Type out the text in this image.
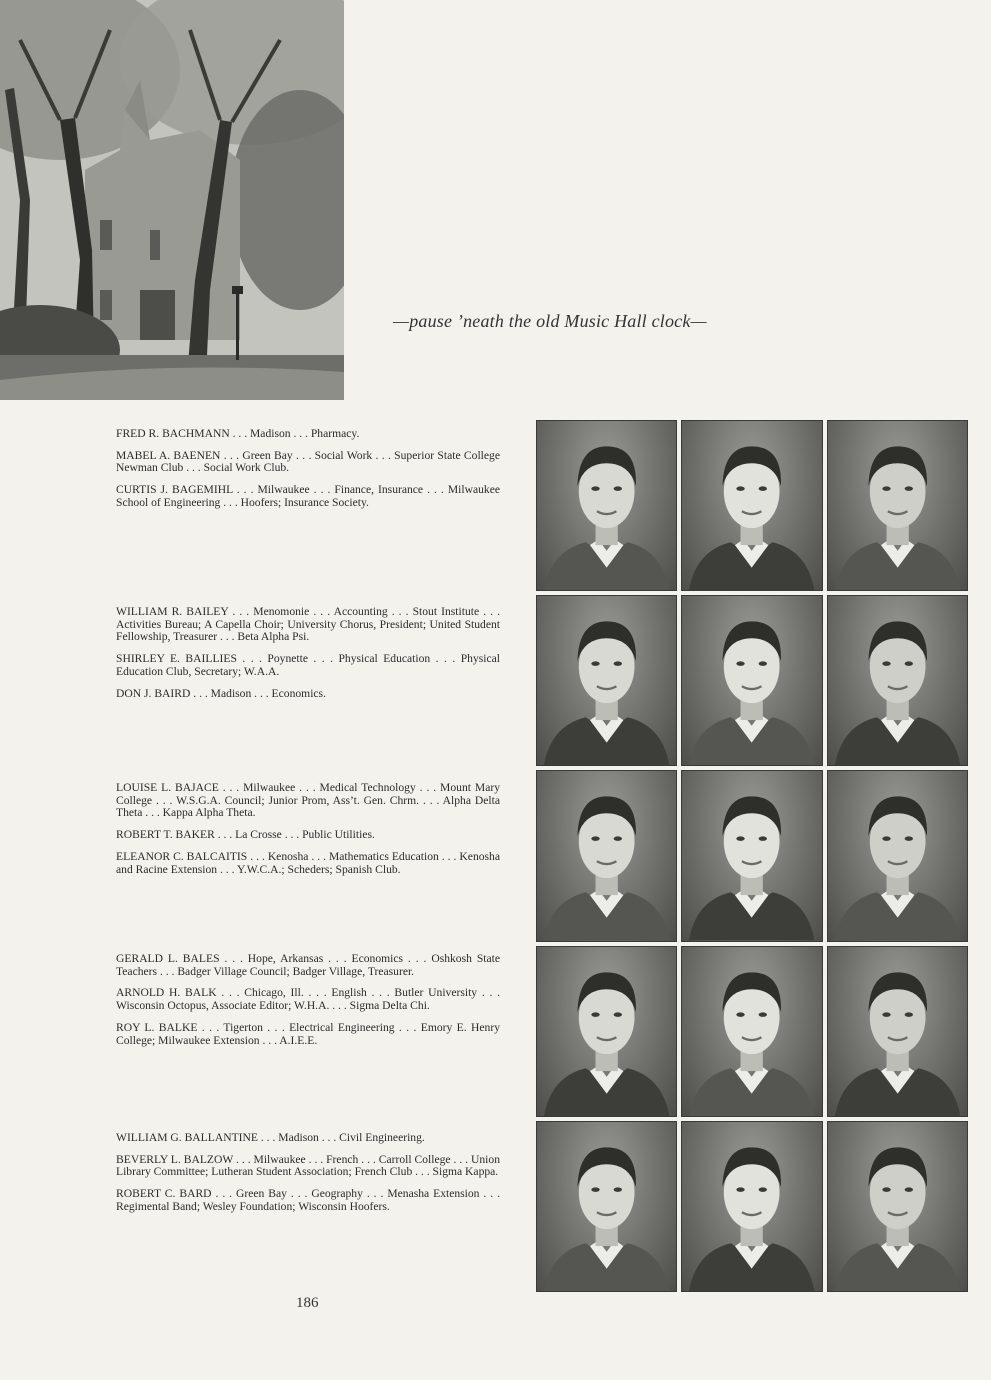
—pause ’neath the old Music Hall clock—

FRED R. BACHMANN . . . Madison . . . Pharmacy.

MABEL A. BAENEN . . . Green Bay . . . Social Work . . . Superior State College Newman Club . . . Social Work Club.

CURTIS J. BAGEMIHL . . . Milwaukee . . . Finance, Insurance . . . Milwaukee School of Engineering . . . Hoofers; Insurance Society.

WILLIAM R. BAILEY . . . Menomonie . . . Accounting . . . Stout Institute . . . Activities Bureau; A Capella Choir; University Chorus, President; United Student Fellowship, Treasurer . . . Beta Alpha Psi.

SHIRLEY E. BAILLIES . . . Poynette . . . Physical Education . . . Physical Education Club, Secretary; W.A.A.

DON J. BAIRD . . . Madison . . . Economics.

LOUISE L. BAJACE . . . Milwaukee . . . Medical Technology . . . Mount Mary College . . . W.S.G.A. Council; Junior Prom, Ass’t. Gen. Chrm. . . . Alpha Delta Theta . . . Kappa Alpha Theta.

ROBERT T. BAKER . . . La Crosse . . . Public Utilities.

ELEANOR C. BALCAITIS . . . Kenosha . . . Mathematics Education . . . Kenosha and Racine Extension . . . Y.W.C.A.; Scheders; Spanish Club.

GERALD L. BALES . . . Hope, Arkansas . . . Economics . . . Oshkosh State Teachers . . . Badger Village Council; Badger Village, Treasurer.

ARNOLD H. BALK . . . Chicago, Ill. . . . English . . . Butler University . . . Wisconsin Octopus, Associate Editor; W.H.A. . . . Sigma Delta Chi.

ROY L. BALKE . . . Tigerton . . . Electrical Engineering . . . Emory E. Henry College; Milwaukee Extension . . . A.I.E.E.

WILLIAM G. BALLANTINE . . . Madison . . . Civil Engineering.

BEVERLY L. BALZOW . . . Milwaukee . . . French . . . Carroll College . . . Union Library Committee; Lutheran Student Association; French Club . . . Sigma Kappa.

ROBERT C. BARD . . . Green Bay . . . Geography . . . Menasha Extension . . . Regimental Band; Wesley Foundation; Wisconsin Hoofers.

186
